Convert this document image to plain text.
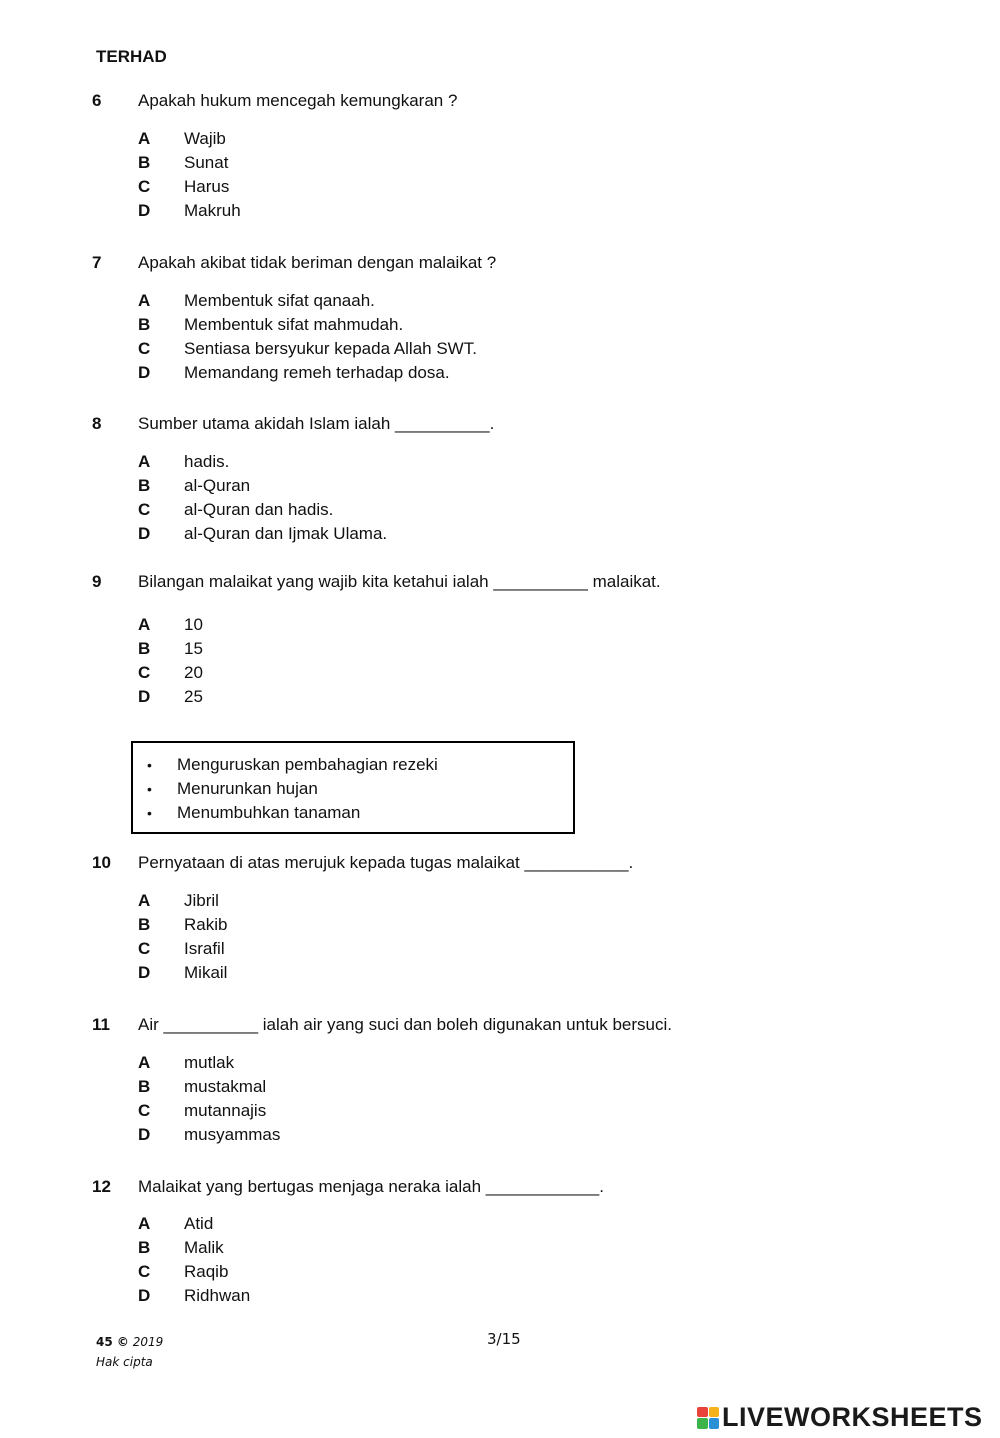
TERHAD
6 Apakah hukum mencegah kemungkaran ?
A	Wajib
B	Sunat
C	Harus
D	Makruh
7 Apakah akibat tidak beriman dengan malaikat ?
A	Membentuk sifat qanaah.
B	Membentuk sifat mahmudah.
C	Sentiasa bersyukur kepada Allah SWT.
D	Memandang remeh terhadap dosa.
8 Sumber utama akidah Islam ialah __________.
A	hadis.
B	al-Quran
C	al-Quran dan hadis.
D	al-Quran dan Ijmak Ulama.
9 Bilangan malaikat yang wajib kita ketahui ialah __________ malaikat.
A	10
B	15
C	20
D	25
•	Menguruskan pembahagian rezeki
•	Menurunkan hujan
•	Menumbuhkan tanaman
10 Pernyataan di atas merujuk kepada tugas malaikat ___________.
A	Jibril
B	Rakib
C	Israfil
D	Mikail
11 Air __________ ialah air yang suci dan boleh digunakan untuk bersuci.
A	mutlak
B	mustakmal
C	mutannajis
D	musyammas
12 Malaikat yang bertugas menjaga neraka ialah ____________.
A	Atid
B	Malik
C	Raqib
D	Ridhwan
45 © 2019
Hak cipta
3/15
LIVEWORKSHEETS
